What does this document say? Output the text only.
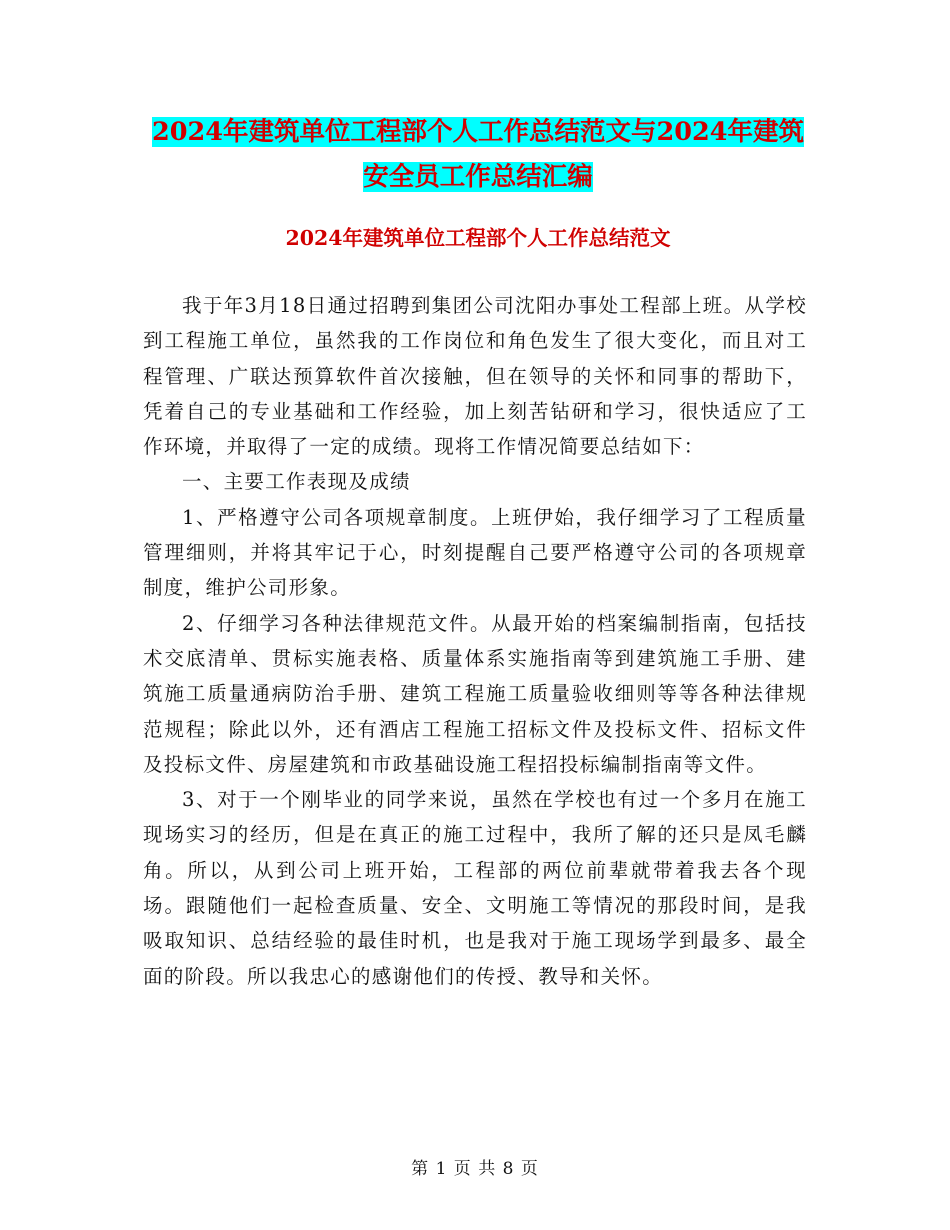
2024年建筑单位工程部个人工作总结范文与2024年建筑安全员工作总结汇编
2024年建筑单位工程部个人工作总结范文

我于年3月18日通过招聘到集团公司沈阳办事处工程部上班。从学校到工程施工单位，虽然我的工作岗位和角色发生了很大变化，而且对工程管理、广联达预算软件首次接触，但在领导的关怀和同事的帮助下，凭着自己的专业基础和工作经验，加上刻苦钻研和学习，很快适应了工作环境，并取得了一定的成绩。现将工作情况简要总结如下：

一、主要工作表现及成绩

1、严格遵守公司各项规章制度。上班伊始，我仔细学习了工程质量管理细则，并将其牢记于心，时刻提醒自己要严格遵守公司的各项规章制度，维护公司形象。

2、仔细学习各种法律规范文件。从最开始的档案编制指南，包括技术交底清单、贯标实施表格、质量体系实施指南等到建筑施工手册、建筑施工质量通病防治手册、建筑工程施工质量验收细则等等各种法律规范规程；除此以外，还有酒店工程施工招标文件及投标文件、招标文件及投标文件、房屋建筑和市政基础设施工程招投标编制指南等文件。

3、对于一个刚毕业的同学来说，虽然在学校也有过一个多月在施工现场实习的经历，但是在真正的施工过程中，我所了解的还只是凤毛麟角。所以，从到公司上班开始，工程部的两位前辈就带着我去各个现场。跟随他们一起检查质量、安全、文明施工等情况的那段时间，是我吸取知识、总结经验的最佳时机，也是我对于施工现场学到最多、最全面的阶段。所以我忠心的感谢他们的传授、教导和关怀。

第 1 页 共 8 页
